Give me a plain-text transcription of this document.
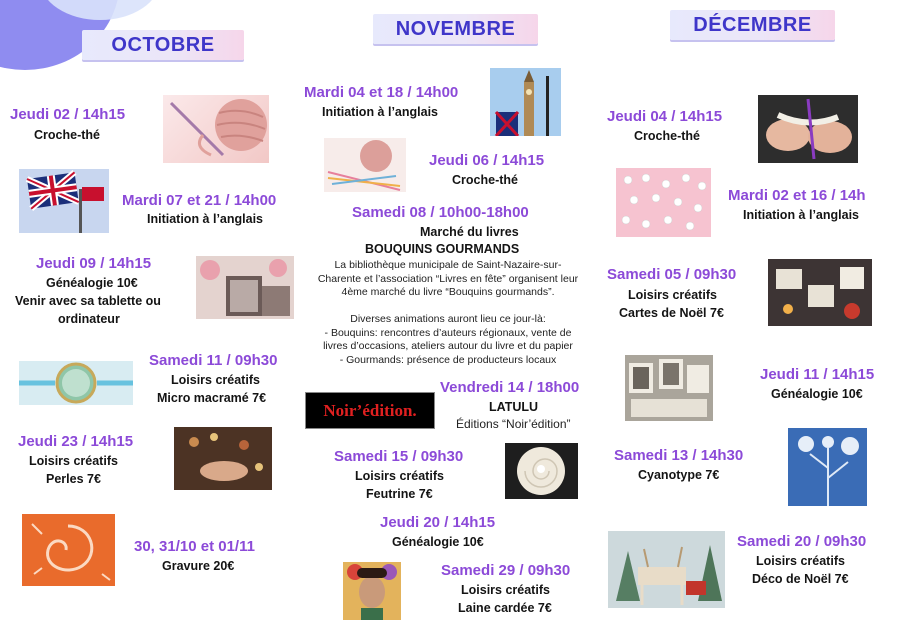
OCTOBRE
NOVEMBRE	DÉCEMBRE
Jeudi 02 / 14h15
Croche-thé
Mardi 07 et 21 / 14h00
Initiation à l’anglais
Jeudi 09 / 14h15
Généalogie 10€
Venir avec sa tablette ou
ordinateur
Samedi 11 / 09h30
Loisirs créatifs
Micro macramé 7€
Jeudi 23 / 14h15
Loisirs créatifs
Perles 7€
30, 31/10 et 01/11
Gravure 20€
Mardi 04 et 18 / 14h00
Initiation à l’anglais
Jeudi 06 / 14h15
Croche-thé
Samedi 08 / 10h00-18h00
Marché du livres
BOUQUINS GOURMANDS
La bibliothèque municipale de Saint-Nazaire-sur-
Charente et l’association “Livres en fête” organisent leur
4ème marché du livre “Bouquins gourmands”.
Diverses animations auront lieu ce jour-là:
- Bouquins: rencontres d’auteurs régionaux, vente de
livres d’occasions, ateliers autour du livre et du papier
- Gourmands: présence de producteurs locaux
Noir’édition.
Vendredi 14 / 18h00
LATULU
Éditions “Noir’édition”
Samedi 15 / 09h30
Loisirs créatifs
Feutrine 7€
Jeudi 20 / 14h15
Généalogie 10€
Samedi 29 / 09h30
Loisirs créatifs
Laine cardée 7€
Jeudi 04 / 14h15
Croche-thé
Mardi 02 et 16 / 14h
Initiation à l’anglais
Samedi 05 / 09h30
Loisirs créatifs
Cartes de Noël 7€
Jeudi 11 / 14h15
Généalogie 10€
Samedi 13 / 14h30
Cyanotype 7€
Samedi 20 / 09h30
Loisirs créatifs
Déco de Noël 7€
